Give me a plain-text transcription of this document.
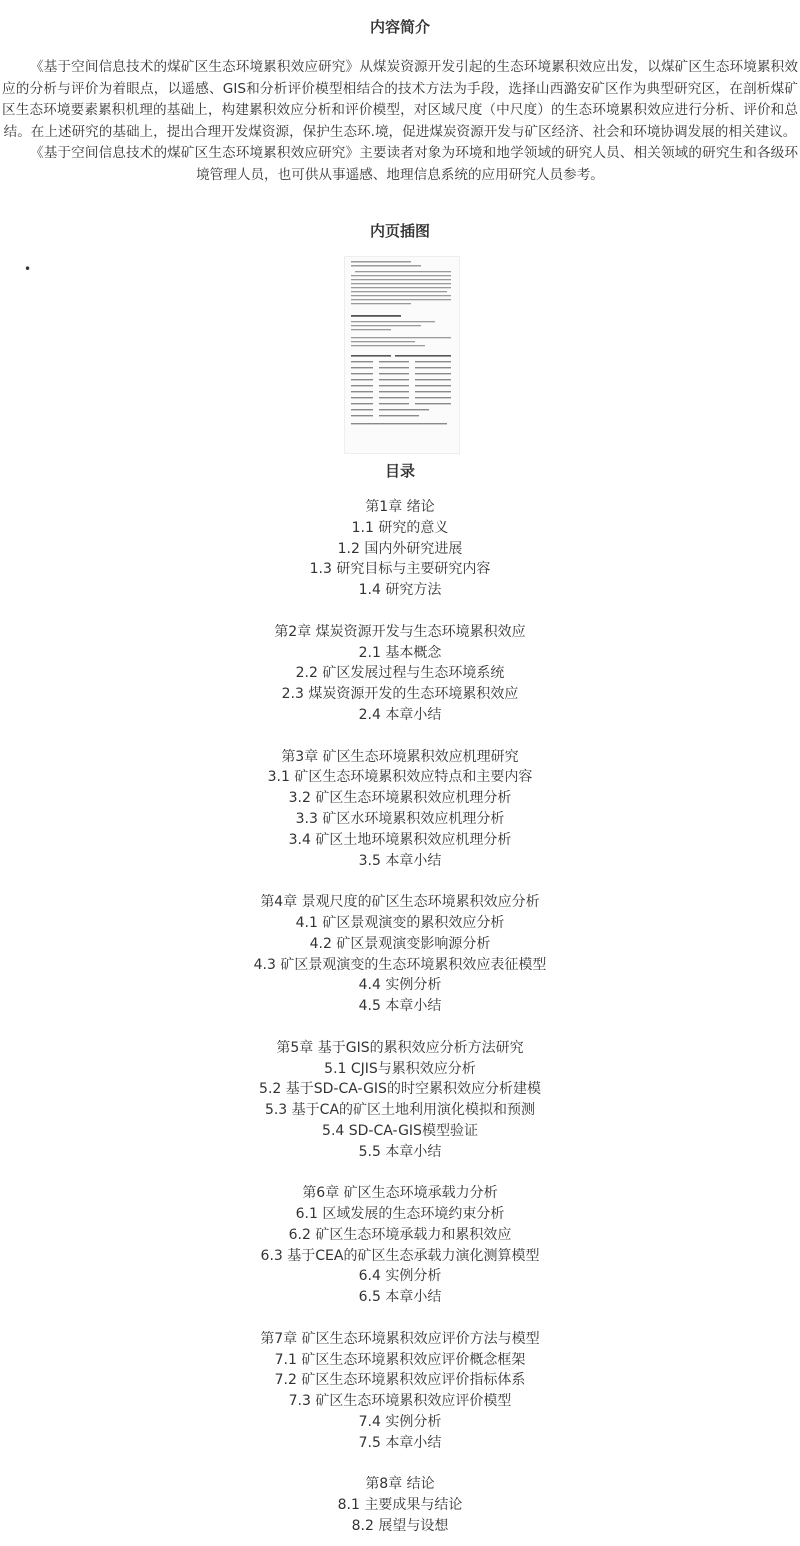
内容简介

《基于空间信息技术的煤矿区生态环境累积效应研究》从煤炭资源开发引起的生态环境累积效应出发，以煤矿区生态环境累积效应的分析与评价为着眼点，以遥感、GIS和分析评价模型相结合的技术方法为手段，选择山西潞安矿区作为典型研究区，在剖析煤矿区生态环境要素累积机理的基础上，构建累积效应分析和评价模型，对区域尺度（中尺度）的生态环境累积效应进行分析、评价和总结。在上述研究的基础上，提出合理开发煤资源，保护生态环.境，促进煤炭资源开发与矿区经济、社会和环境协调发展的相关建议。

《基于空间信息技术的煤矿区生态环境累积效应研究》主要读者对象为环境和地学领域的研究人员、相关领域的研究生和各级环境管理人员，也可供从事遥感、地理信息系统的应用研究人员参考。

内页插图
•
目录
第1章 绪论
1.1 研究的意义
1.2 国内外研究进展
1.3 研究目标与主要研究内容
1.4 研究方法
第2章 煤炭资源开发与生态环境累积效应
2.1 基本概念
2.2 矿区发展过程与生态环境系统
2.3 煤炭资源开发的生态环境累积效应
2.4 本章小结
第3章 矿区生态环境累积效应机理研究
3.1 矿区生态环境累积效应特点和主要内容
3.2 矿区生态环境累积效应机理分析
3.3 矿区水环境累积效应机理分析
3.4 矿区土地环境累积效应机理分析
3.5 本章小结
第4章 景观尺度的矿区生态环境累积效应分析
4.1 矿区景观演变的累积效应分析
4.2 矿区景观演变影响源分析
4.3 矿区景观演变的生态环境累积效应表征模型
4.4 实例分析
4.5 本章小结
第5章 基于GIS的累积效应分析方法研究
5.1 CJIS与累积效应分析
5.2 基于SD-CA-GIS的时空累积效应分析建模
5.3 基于CA的矿区土地利用演化模拟和预测
5.4 SD-CA-GIS模型验证
5.5 本章小结
第6章 矿区生态环境承载力分析
6.1 区域发展的生态环境约束分析
6.2 矿区生态环境承载力和累积效应
6.3 基于CEA的矿区生态承载力演化测算模型
6.4 实例分析
6.5 本章小结
第7章 矿区生态环境累积效应评价方法与模型
7.1 矿区生态环境累积效应评价概念框架
7.2 矿区生态环境累积效应评价指标体系
7.3 矿区生态环境累积效应评价模型
7.4 实例分析
7.5 本章小结
第8章 结论
8.1 主要成果与结论
8.2 展望与设想
